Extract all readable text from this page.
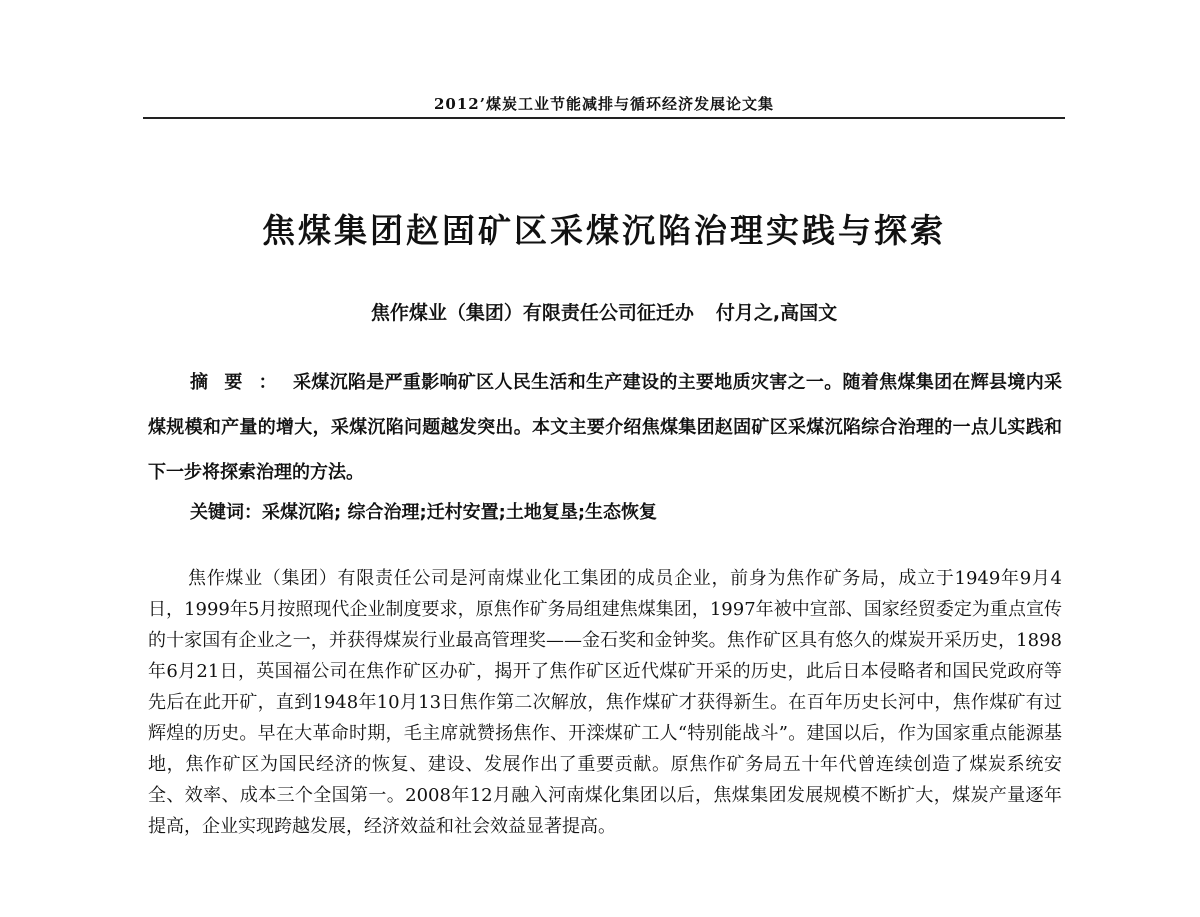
2012’煤炭工业节能减排与循环经济发展论文集
焦煤集团赵固矿区采煤沉陷治理实践与探索
焦作煤业（集团）有限责任公司征迁办 付月之,高国文

摘要：采煤沉陷是严重影响矿区人民生活和生产建设的主要地质灾害之一。随着焦煤集团在辉县境内采煤规模和产量的增大，采煤沉陷问题越发突出。本文主要介绍焦煤集团赵固矿区采煤沉陷综合治理的一点儿实践和下一步将探索治理的方法。

关键词：采煤沉陷; 综合治理;迁村安置;土地复垦;生态恢复

焦作煤业（集团）有限责任公司是河南煤业化工集团的成员企业，前身为焦作矿务局，成立于1949年9月4日，1999年5月按照现代企业制度要求，原焦作矿务局组建焦煤集团，1997年被中宣部、国家经贸委定为重点宣传的十家国有企业之一，并获得煤炭行业最高管理奖——金石奖和金钟奖。焦作矿区具有悠久的煤炭开采历史，1898年6月21日，英国福公司在焦作矿区办矿，揭开了焦作矿区近代煤矿开采的历史，此后日本侵略者和国民党政府等先后在此开矿，直到1948年10月13日焦作第二次解放，焦作煤矿才获得新生。在百年历史长河中，焦作煤矿有过辉煌的历史。早在大革命时期，毛主席就赞扬焦作、开滦煤矿工人“特别能战斗”。建国以后，作为国家重点能源基地，焦作矿区为国民经济的恢复、建设、发展作出了重要贡献。原焦作矿务局五十年代曾连续创造了煤炭系统安全、效率、成本三个全国第一。2008年12月融入河南煤化集团以后，焦煤集团发展规模不断扩大，煤炭产量逐年提高，企业实现跨越发展，经济效益和社会效益显著提高。
